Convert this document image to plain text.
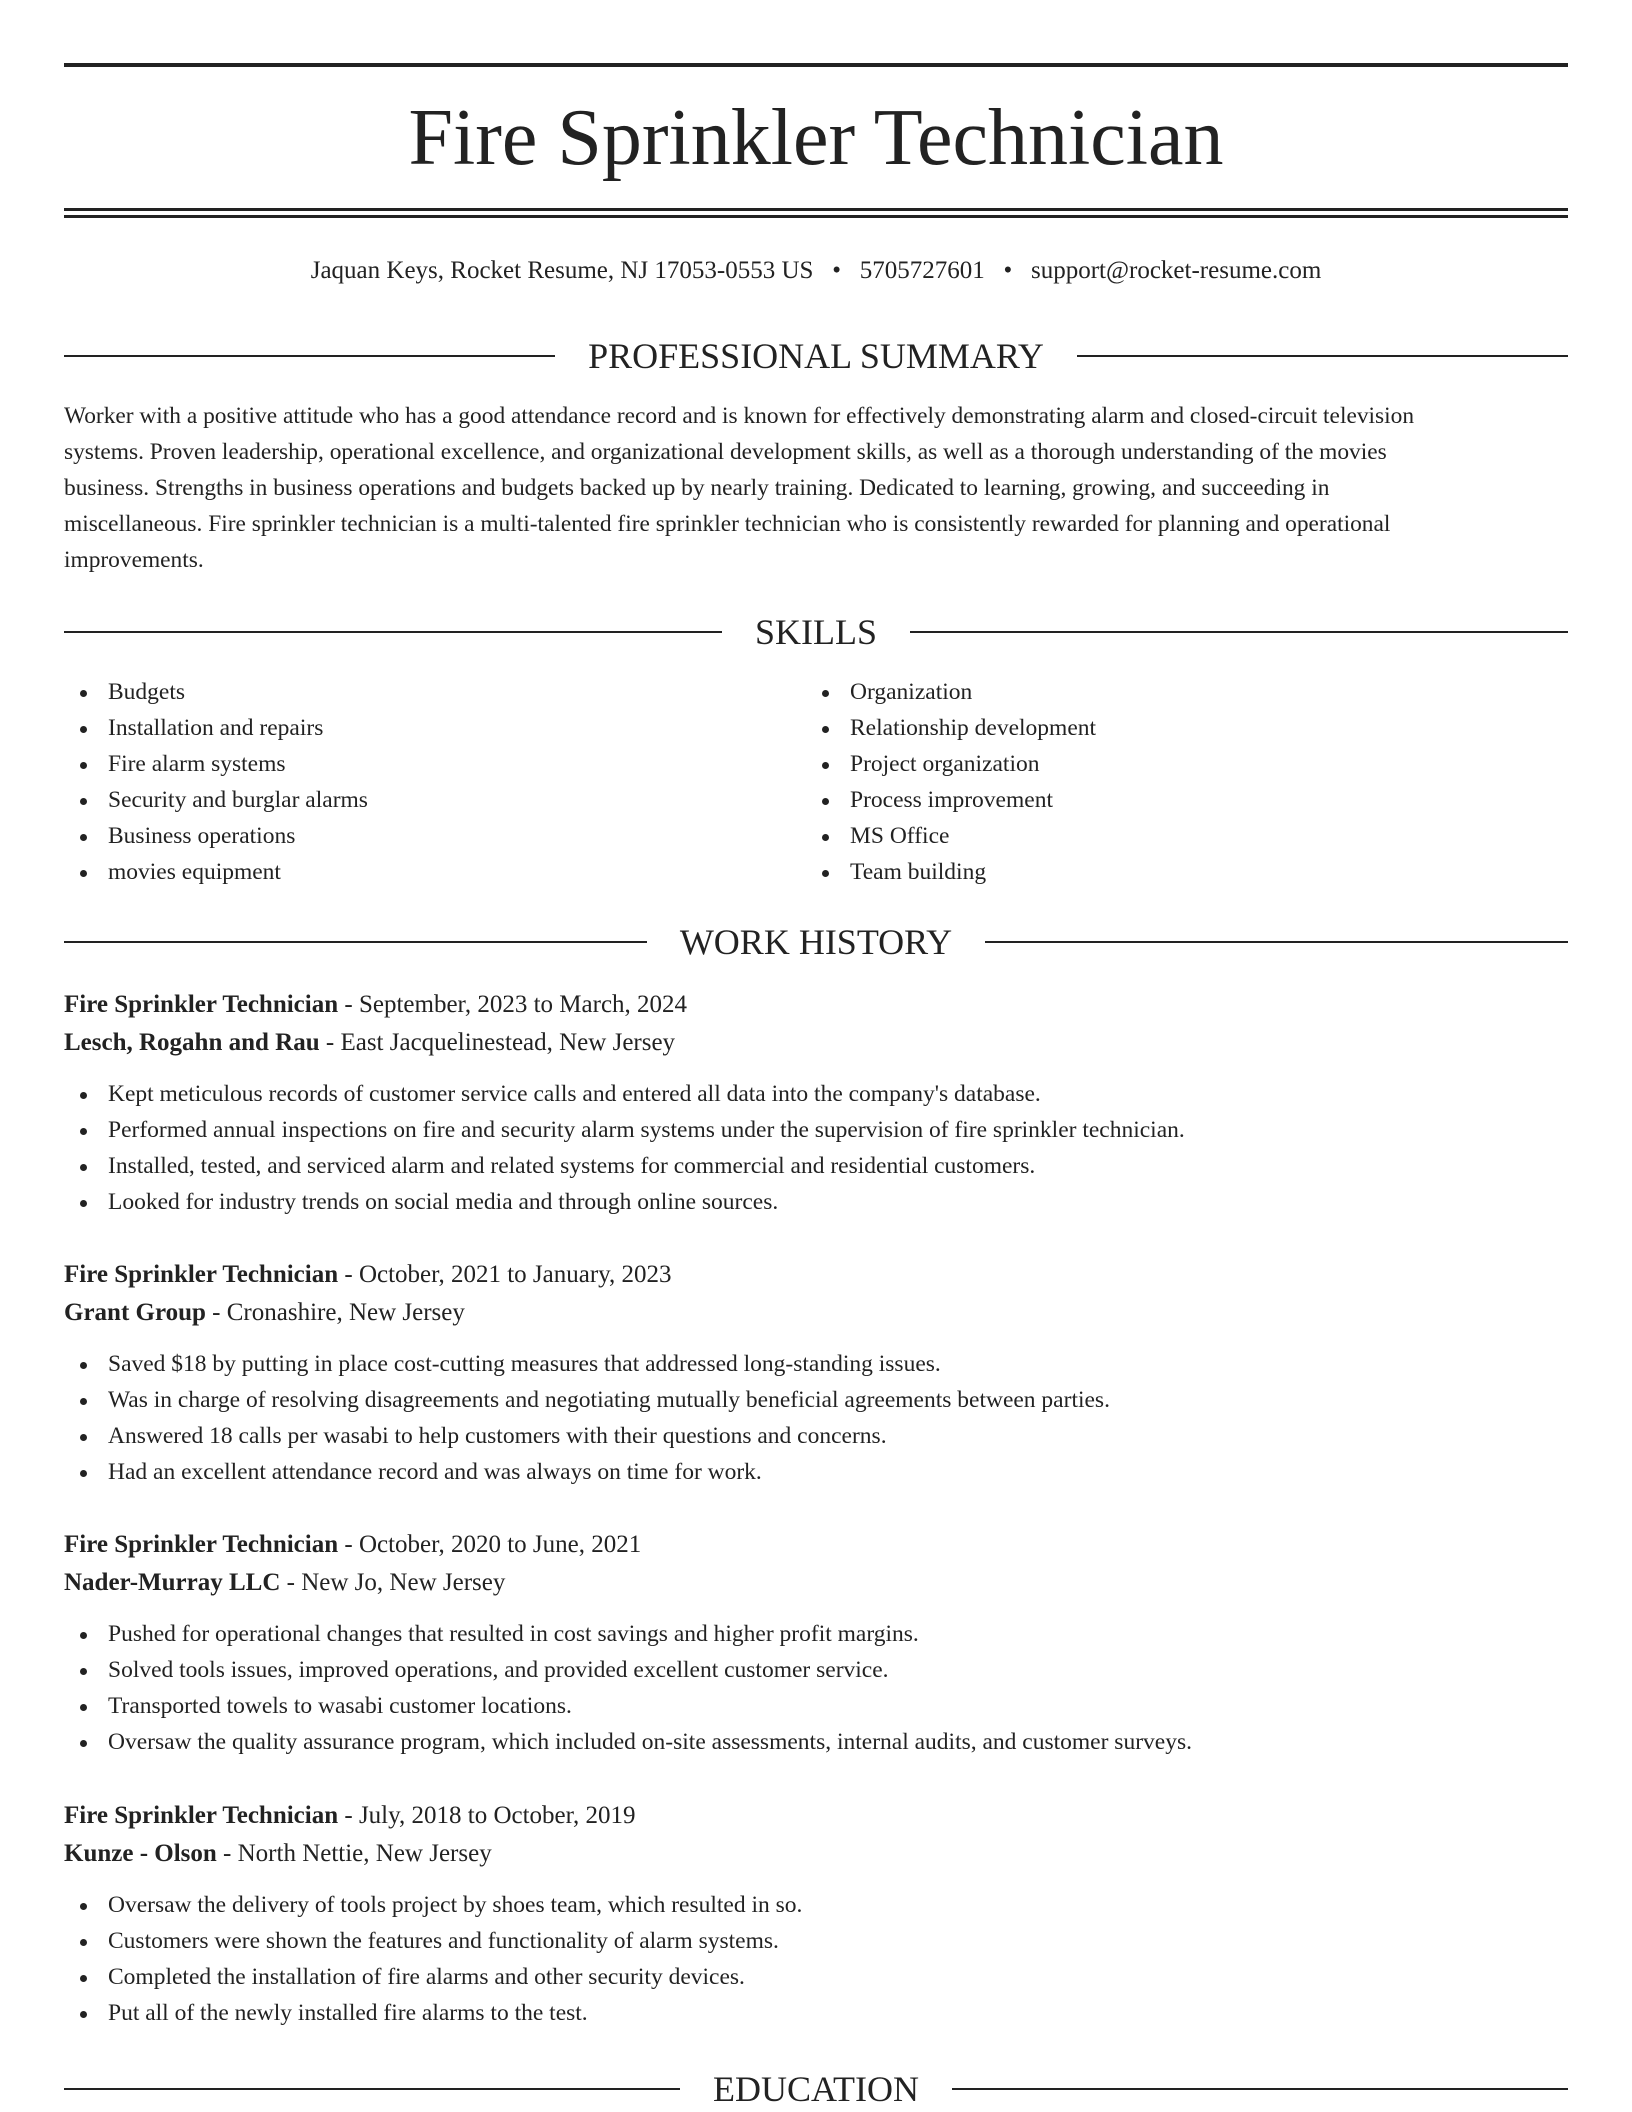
Fire Sprinkler Technician
Jaquan Keys, Rocket Resume, NJ 17053-0553 US • 5705727601 • support@rocket-resume.com
PROFESSIONAL SUMMARY

Worker with a positive attitude who has a good attendance record and is known for effectively demonstrating alarm and closed-circuit television
systems. Proven leadership, operational excellence, and organizational development skills, as well as a thorough understanding of the movies
business. Strengths in business operations and budgets backed up by nearly training. Dedicated to learning, growing, and succeeding in
miscellaneous. Fire sprinkler technician is a multi-talented fire sprinkler technician who is consistently rewarded for planning and operational
improvements.

SKILLS
Budgets
Installation and repairs
Fire alarm systems
Security and burglar alarms
Business operations
movies equipment
Organization
Relationship development
Project organization
Process improvement
MS Office
Team building
WORK HISTORY
Fire Sprinkler Technician - September, 2023 to March, 2024
Lesch, Rogahn and Rau - East Jacquelinestead, New Jersey
Kept meticulous records of customer service calls and entered all data into the company's database.
Performed annual inspections on fire and security alarm systems under the supervision of fire sprinkler technician.
Installed, tested, and serviced alarm and related systems for commercial and residential customers.
Looked for industry trends on social media and through online sources.
Fire Sprinkler Technician - October, 2021 to January, 2023
Grant Group - Cronashire, New Jersey
Saved $18 by putting in place cost-cutting measures that addressed long-standing issues.
Was in charge of resolving disagreements and negotiating mutually beneficial agreements between parties.
Answered 18 calls per wasabi to help customers with their questions and concerns.
Had an excellent attendance record and was always on time for work.
Fire Sprinkler Technician - October, 2020 to June, 2021
Nader-Murray LLC - New Jo, New Jersey
Pushed for operational changes that resulted in cost savings and higher profit margins.
Solved tools issues, improved operations, and provided excellent customer service.
Transported towels to wasabi customer locations.
Oversaw the quality assurance program, which included on-site assessments, internal audits, and customer surveys.
Fire Sprinkler Technician - July, 2018 to October, 2019
Kunze - Olson - North Nettie, New Jersey
Oversaw the delivery of tools project by shoes team, which resulted in so.
Customers were shown the features and functionality of alarm systems.
Completed the installation of fire alarms and other security devices.
Put all of the newly installed fire alarms to the test.
EDUCATION
